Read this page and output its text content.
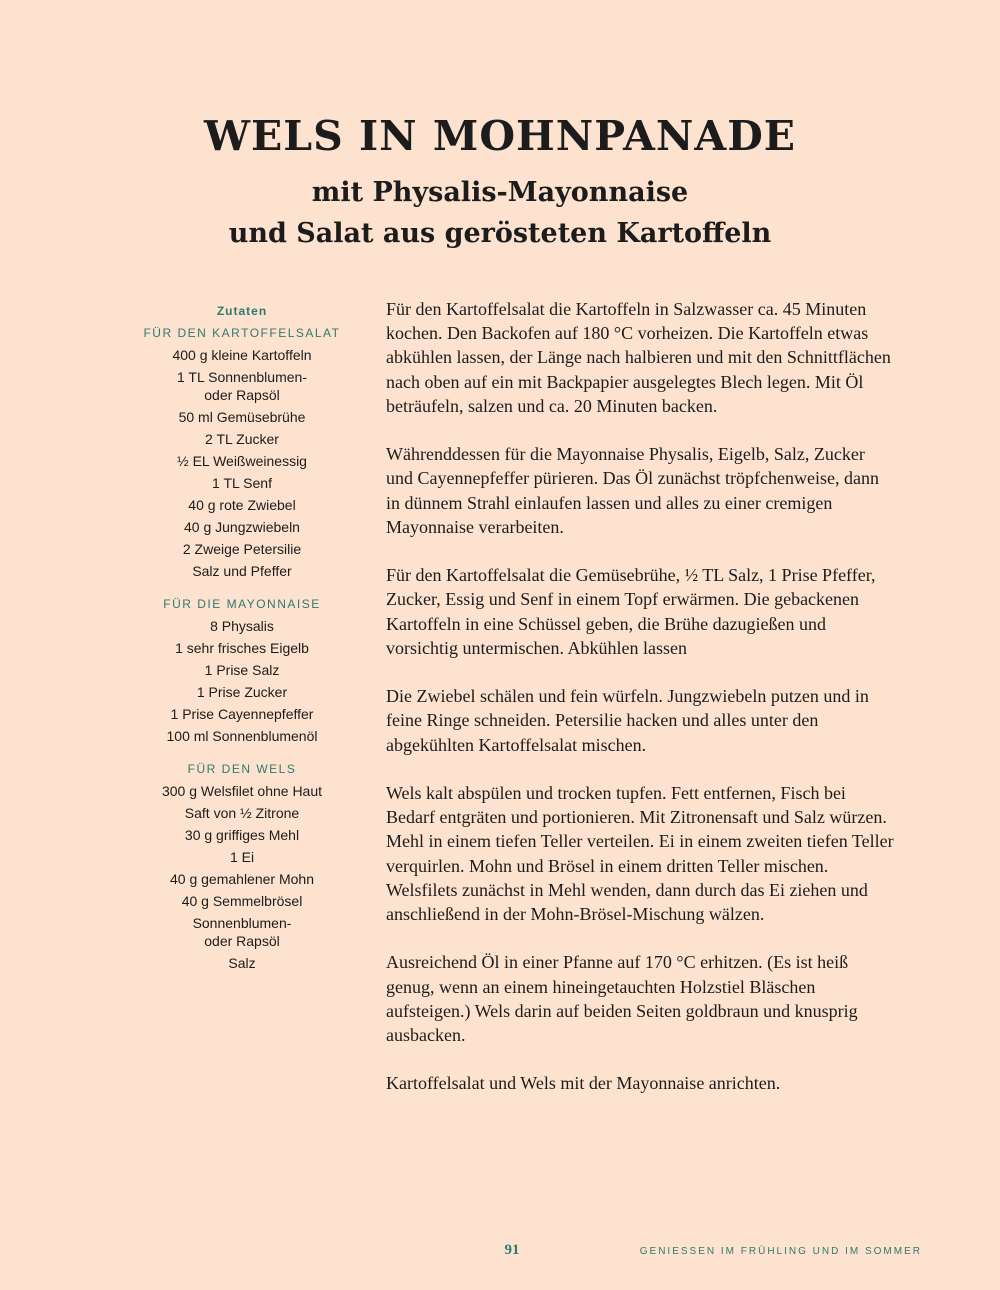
WELS IN MOHNPANADE
mit Physalis-Mayonnaise
und Salat aus gerösteten Kartoffeln
Zutaten
FÜR DEN KARTOFFELSALAT
400 g kleine Kartoffeln
1 TL Sonnenblumen-
oder Rapsöl
50 ml Gemüsebrühe
2 TL Zucker
½ EL Weißweinessig
1 TL Senf
40 g rote Zwiebel
40 g Jungzwiebeln
2 Zweige Petersilie
Salz und Pfeffer
FÜR DIE MAYONNAISE
8 Physalis
1 sehr frisches Eigelb
1 Prise Salz
1 Prise Zucker
1 Prise Cayennepfeffer
100 ml Sonnenblumenöl
FÜR DEN WELS
300 g Welsfilet ohne Haut
Saft von ½ Zitrone
30 g griffiges Mehl
1 Ei
40 g gemahlener Mohn
40 g Semmelbrösel
Sonnenblumen-
oder Rapsöl
Salz

Für den Kartoffelsalat die Kartoffeln in Salzwasser ca. 45 Minuten kochen. Den Backofen auf 180 °C vorheizen. Die Kartoffeln etwas abkühlen lassen, der Länge nach halbieren und mit den Schnittflächen nach oben auf ein mit Backpapier ausgelegtes Blech legen. Mit Öl beträufeln, salzen und ca. 20 Minuten backen.

Währenddessen für die Mayonnaise Physalis, Eigelb, Salz, Zucker und Cayennepfeffer pürieren. Das Öl zunächst tröpfchenweise, dann in dünnem Strahl einlaufen lassen und alles zu einer cremigen Mayonnaise verarbeiten.

Für den Kartoffelsalat die Gemüsebrühe, ½ TL Salz, 1 Prise Pfeffer, Zucker, Essig und Senf in einem Topf erwärmen. Die gebackenen Kartoffeln in eine Schüssel geben, die Brühe dazugießen und vorsichtig untermischen. Abkühlen lassen

Die Zwiebel schälen und fein würfeln. Jungzwiebeln putzen und in feine Ringe schneiden. Petersilie hacken und alles unter den abgekühlten Kartoffelsalat mischen.

Wels kalt abspülen und trocken tupfen. Fett entfernen, Fisch bei Bedarf entgräten und portionieren. Mit Zitronensaft und Salz würzen. Mehl in einem tiefen Teller verteilen. Ei in einem zweiten tiefen Teller verquirlen. Mohn und Brösel in einem dritten Teller mischen. Welsfilets zunächst in Mehl wenden, dann durch das Ei ziehen und anschließend in der Mohn-Brösel-Mischung wälzen.

Ausreichend Öl in einer Pfanne auf 170 °C erhitzen. (Es ist heiß genug, wenn an einem hineingetauchten Holzstiel Bläschen aufsteigen.) Wels darin auf beiden Seiten goldbraun und knusprig ausbacken.

Kartoffelsalat und Wels mit der Mayonnaise anrichten.

91	GENIESSEN IM FRÜHLING UND IM SOMMER
